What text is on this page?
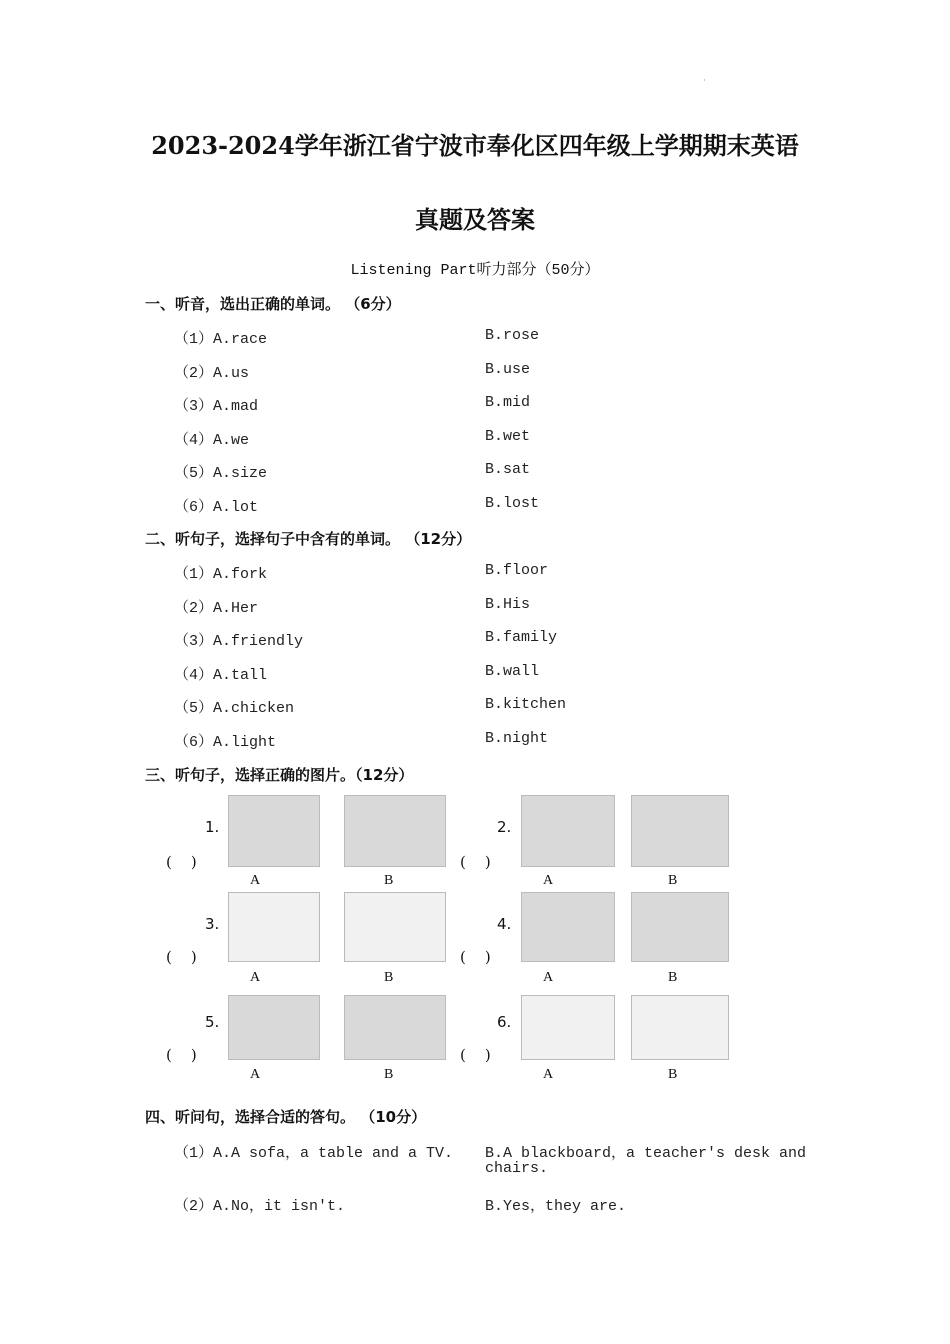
2023-2024学年浙江省宁波市奉化区四年级上学期期末英语
真题及答案
Listening Part听力部分（50分）
一、听音，选出正确的单词。 （6分）
（1）A.race	B.rose
（2）A.us	B.use
（3）A.mad	B.mid
（4）A.we	B.wet
（5）A.size	B.sat
（6）A.lot	B.lost
二、听句子，选择句子中含有的单词。 （12分）
（1）A.fork	B.floor
（2）A.Her	B.His
（3）A.friendly	B.family
（4）A.tall	B.wall
（5）A.chicken	B.kitchen
（6）A.light	B.night
三、听句子，选择正确的图片。（12分）
1.
(    )
A	B
2.
(    )
A	B
3.
(    )
A	B
4.
(    )
A	B
5.
(    )
A	B
6.
(    )
A	B
四、听问句，选择合适的答句。 （10分）
（1）A.A sofa，a table and a TV. B.A blackboard，a teacher's desk and
chairs.
（2）A.No，it isn't.	B.Yes，they are.
·
